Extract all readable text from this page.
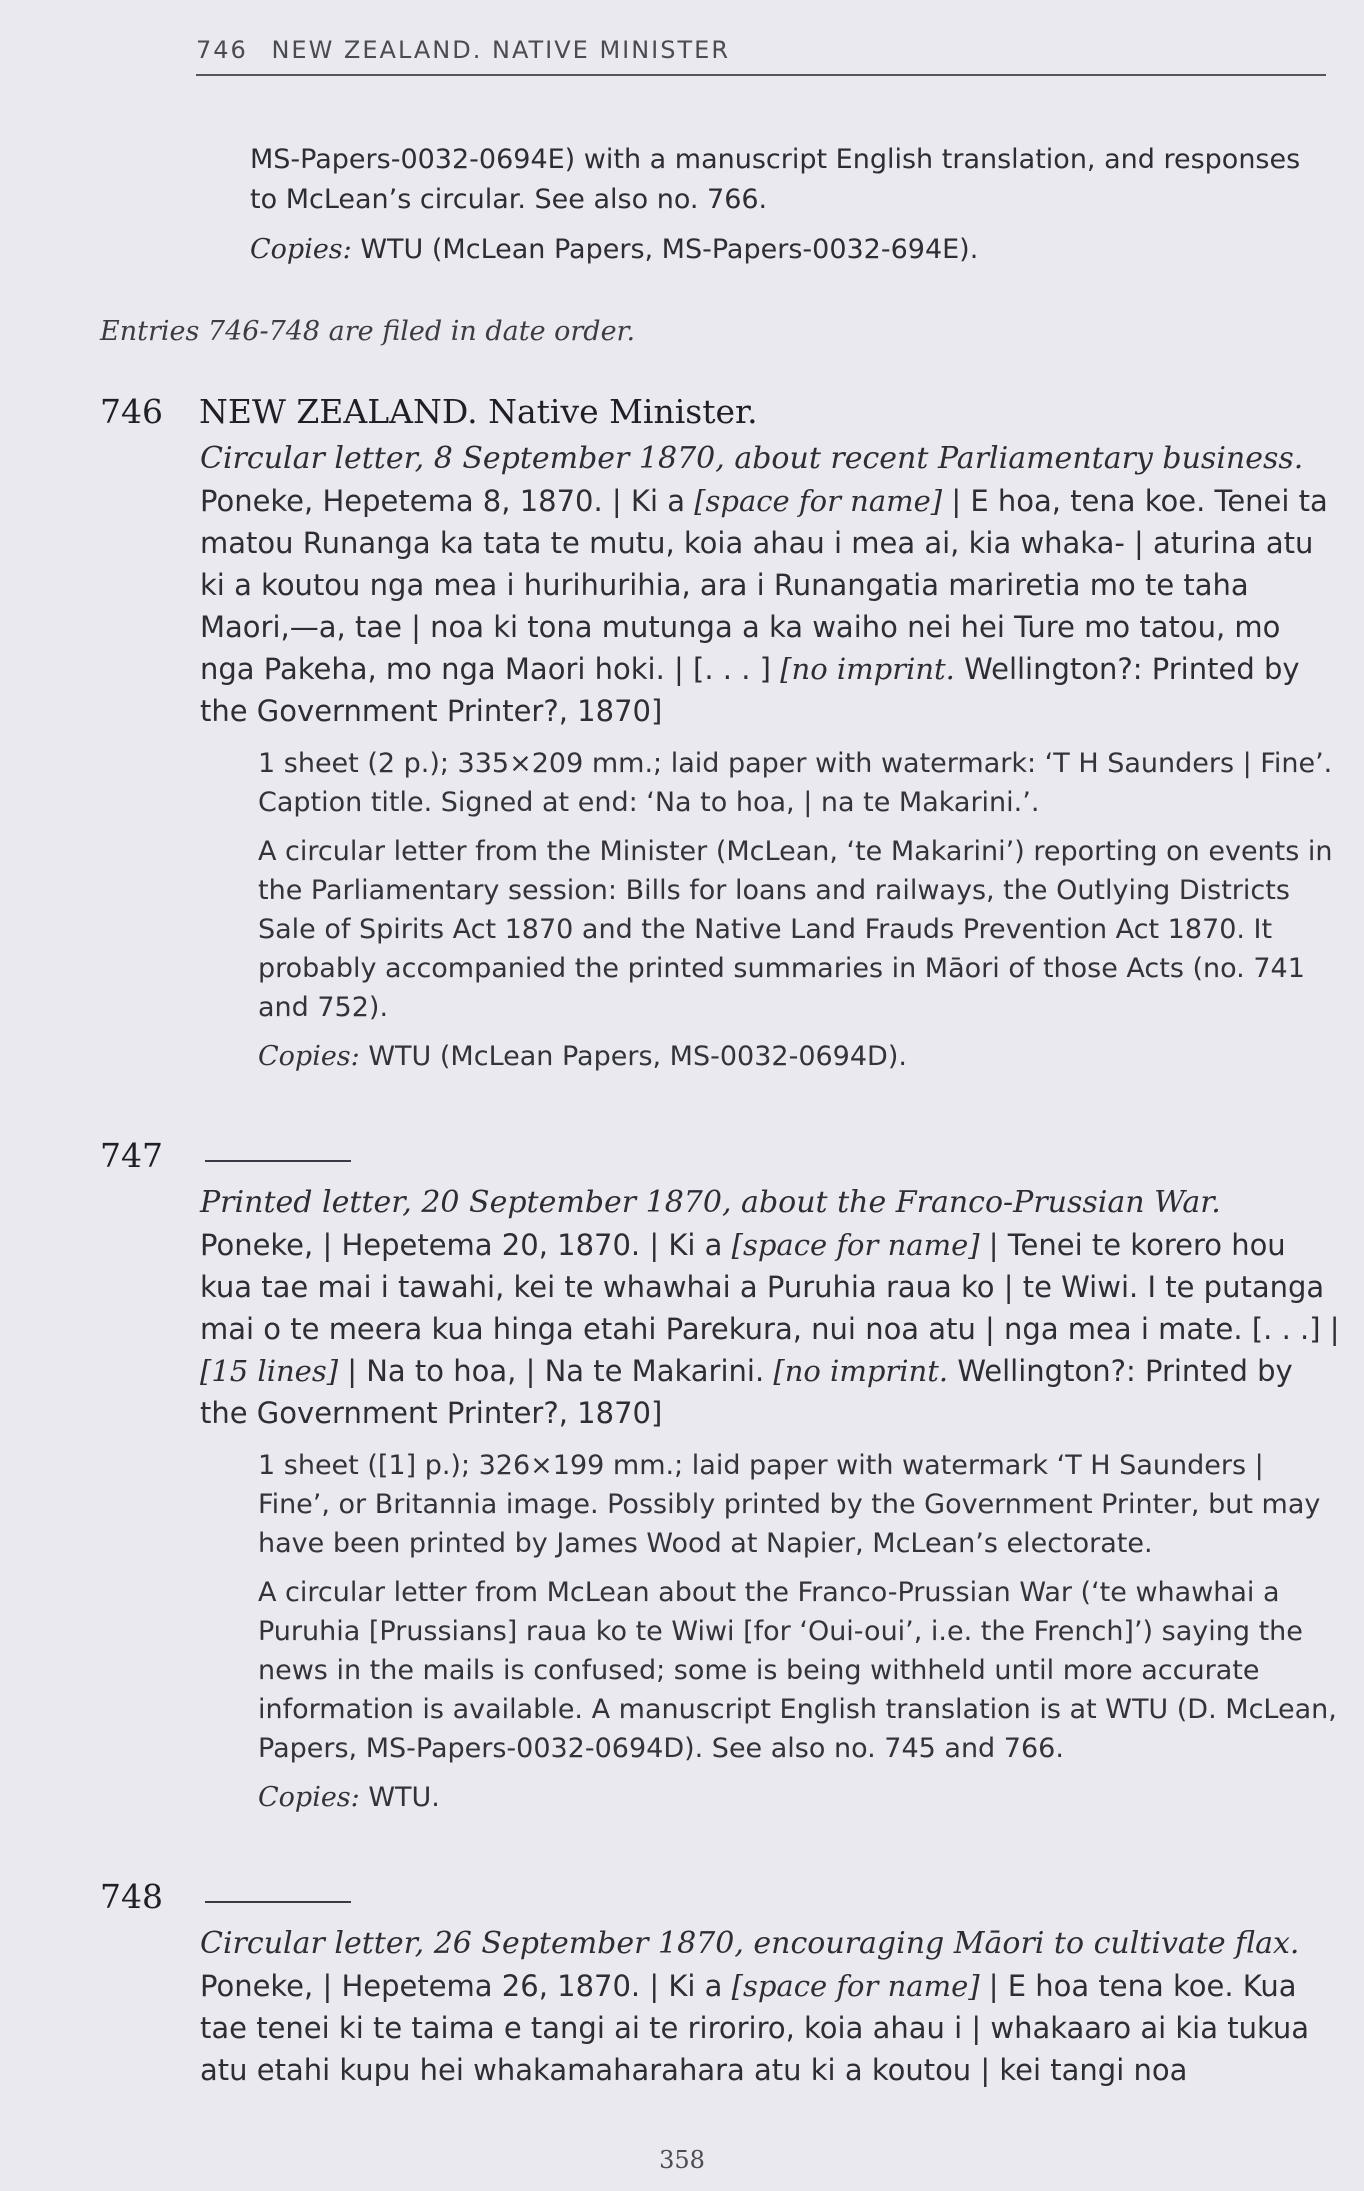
746 NEW ZEALAND. NATIVE MINISTER
MS-Papers-0032-0694E) with a manuscript English translation, and responses to McLean’s circular. See also no. 766.
Copies: WTU (McLean Papers, MS-Papers-0032-694E).
Entries 746-748 are filed in date order.
746 NEW ZEALAND. Native Minister.
Circular letter, 8 September 1870, about recent Parliamentary business.
Poneke, Hepetema 8, 1870. | Ki a [space for name] | E hoa, tena koe. Tenei ta matou Runanga ka tata te mutu, koia ahau i mea ai, kia whaka- | aturina atu ki a koutou nga mea i hurihurihia, ara i Runangatia mariretia mo te taha Maori,—a, tae | noa ki tona mutunga a ka waiho nei hei Ture mo tatou, mo nga Pakeha, mo nga Maori hoki. | [. . . ] [no imprint. Wellington?: Printed by the Government Printer?, 1870]
1 sheet (2 p.); 335×209 mm.; laid paper with watermark: ‘T H Saunders | Fine’. Caption title. Signed at end: ‘Na to hoa, | na te Makarini.’.
A circular letter from the Minister (McLean, ‘te Makarini’) reporting on events in the Parliamentary session: Bills for loans and railways, the Outlying Districts Sale of Spirits Act 1870 and the Native Land Frauds Prevention Act 1870. It probably accompanied the printed summaries in Māori of those Acts (no. 741 and 752).
Copies: WTU (McLean Papers, MS-0032-0694D).
747
Printed letter, 20 September 1870, about the Franco-Prussian War.
Poneke, | Hepetema 20, 1870. | Ki a [space for name] | Tenei te korero hou kua tae mai i tawahi, kei te whawhai a Puruhia raua ko | te Wiwi. I te putanga mai o te meera kua hinga etahi Parekura, nui noa atu | nga mea i mate. [. . .] | [15 lines] | Na to hoa, | Na te Makarini. [no imprint. Wellington?: Printed by the Government Printer?, 1870]
1 sheet ([1] p.); 326×199 mm.; laid paper with watermark ‘T H Saunders | Fine’, or Britannia image. Possibly printed by the Government Printer, but may have been printed by James Wood at Napier, McLean’s electorate.
A circular letter from McLean about the Franco-Prussian War (‘te whawhai a Puruhia [Prussians] raua ko te Wiwi [for ‘Oui-oui’, i.e. the French]’) saying the news in the mails is confused; some is being withheld until more accurate information is available. A manuscript English translation is at WTU (D. McLean, Papers, MS-Papers-0032-0694D). See also no. 745 and 766.
Copies: WTU.
748
Circular letter, 26 September 1870, encouraging Māori to cultivate flax.
Poneke, | Hepetema 26, 1870. | Ki a [space for name] | E hoa tena koe. Kua tae tenei ki te taima e tangi ai te riroriro, koia ahau i | whakaaro ai kia tukua atu etahi kupu hei whakamaharahara atu ki a koutou | kei tangi noa
358
